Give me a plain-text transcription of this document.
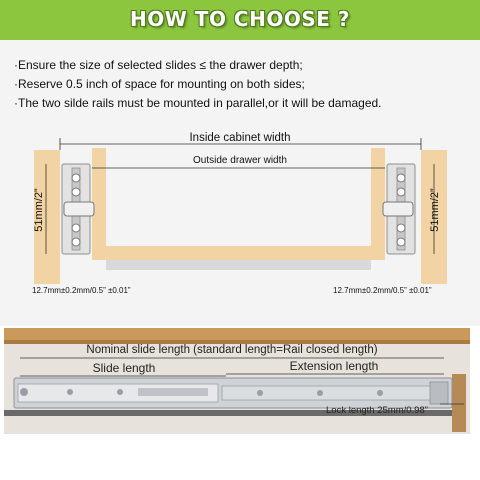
HOW TO CHOOSE ?
·Ensure the size of selected slides ≤ the drawer depth;
·Reserve 0.5 inch of space for mounting on both sides;
·The two silde rails must be mounted in parallel,or it will be damaged.
Inside cabinet width
Outside drawer width
51mm/2”	51mm/2”
12.7mm±0.2mm/0.5” ±0.01”	12.7mm±0.2mm/0.5” ±0.01”
Nominal slide length (standard length=Rail closed length)
Slide length	Extension length
Lock length 25mm/0.98”
